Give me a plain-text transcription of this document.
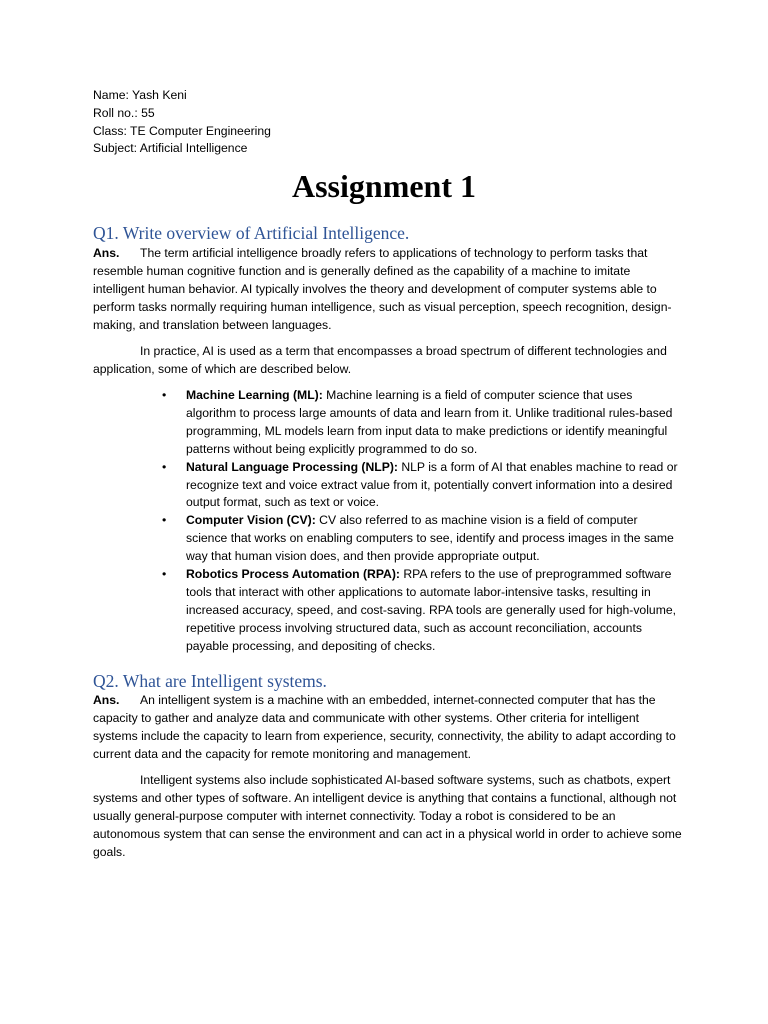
Name: Yash Keni
Roll no.: 55
Class: TE Computer Engineering
Subject: Artificial Intelligence
Assignment 1
Q1. Write overview of Artificial Intelligence.
Ans. The term artificial intelligence broadly refers to applications of technology to perform tasks that resemble human cognitive function and is generally defined as the capability of a machine to imitate intelligent human behavior. AI typically involves the theory and development of computer systems able to perform tasks normally requiring human intelligence, such as visual perception, speech recognition, design-making, and translation between languages.
In practice, AI is used as a term that encompasses a broad spectrum of different technologies and application, some of which are described below.
• Machine Learning (ML): Machine learning is a field of computer science that uses algorithm to process large amounts of data and learn from it. Unlike traditional rules-based programming, ML models learn from input data to make predictions or identify meaningful patterns without being explicitly programmed to do so.
• Natural Language Processing (NLP): NLP is a form of AI that enables machine to read or recognize text and voice extract value from it, potentially convert information into a desired output format, such as text or voice.
• Computer Vision (CV): CV also referred to as machine vision is a field of computer science that works on enabling computers to see, identify and process images in the same way that human vision does, and then provide appropriate output.
• Robotics Process Automation (RPA): RPA refers to the use of preprogrammed software tools that interact with other applications to automate labor-intensive tasks, resulting in increased accuracy, speed, and cost-saving. RPA tools are generally used for high-volume, repetitive process involving structured data, such as account reconciliation, accounts payable processing, and depositing of checks.
Q2. What are Intelligent systems.
Ans. An intelligent system is a machine with an embedded, internet-connected computer that has the capacity to gather and analyze data and communicate with other systems. Other criteria for intelligent systems include the capacity to learn from experience, security, connectivity, the ability to adapt according to current data and the capacity for remote monitoring and management.
Intelligent systems also include sophisticated AI-based software systems, such as chatbots, expert systems and other types of software. An intelligent device is anything that contains a functional, although not usually general-purpose computer with internet connectivity. Today a robot is considered to be an autonomous system that can sense the environment and can act in a physical world in order to achieve some goals.
